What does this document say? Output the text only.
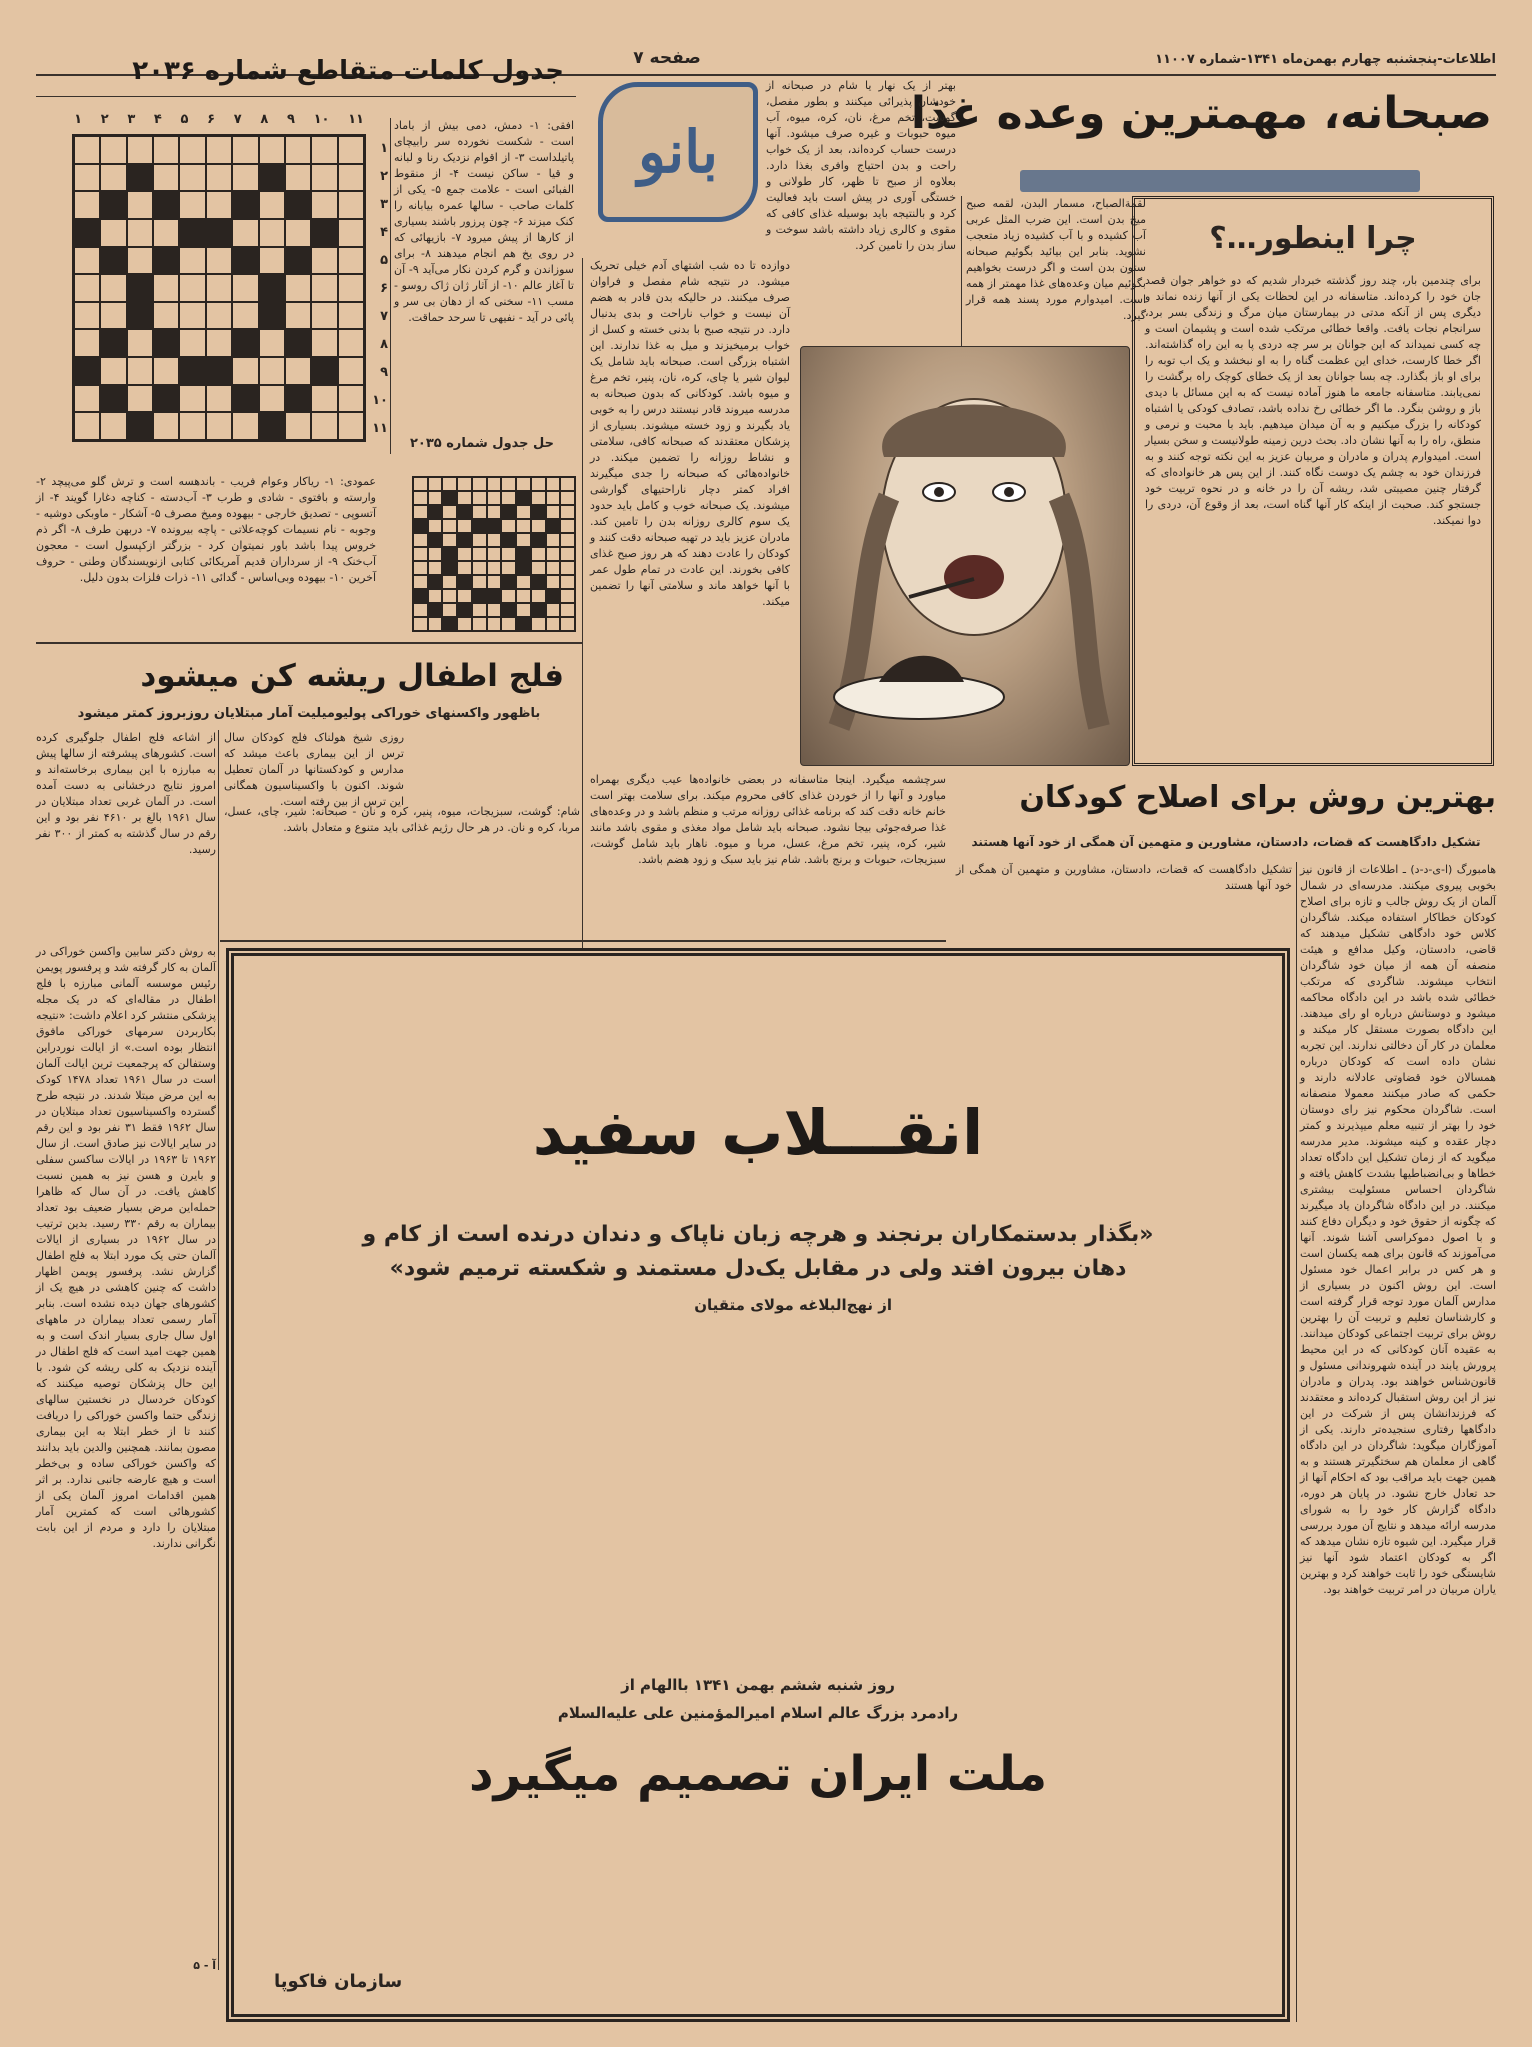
اطلاعات-پنجشنبه چهارم بهمن‌ماه ۱۳۴۱-شماره ۱۱۰۰۷
صبحانه، مهمترین وعده غذا
صفحه ۷
بانو
بهتر از یک نهار یا شام در صبحانه از خودشان پذیرائی میکنند و بطور مفصل، گوشت، تخم مرغ، نان، کره، میوه، آب میوه حبوبات و غیره صرف میشود. آنها درست حساب کرده‌اند، بعد از یک خواب راحت و بدن احتیاج وافری بغذا دارد. بعلاوه از صبح تا ظهر، کار طولانی و خستگی آوری در پیش است باید فعالیت کرد و بالنتیجه باید بوسیله غذای کافی که مقوی و کالری زیاد داشته باشد سوخت و ساز بدن را تامین کرد.
لقمةالصباح، مسمار البدن، لقمه صبح میخ بدن است. این ضرب المثل عربی آب کشیده و با آب کشیده زیاد متعجب نشوید. بنابر این بیائید بگوئیم صبحانه ستون بدن است و اگر درست بخواهیم بگوئیم میان وعده‌های غذا مهمتر از همه است. امیدوارم مورد پسند همه قرار گیرد.
چرا اینطور…؟
برای چندمین بار، چند روز گذشته خبردار شدیم که دو خواهر جوان قصد جان خود را کرده‌اند. متاسفانه در این لحظات یکی از آنها زنده نماند و دیگری پس از آنکه مدتی در بیمارستان میان مرگ و زندگی بسر برد، سرانجام نجات یافت. واقعا خطائی مرتکب شده است و پشیمان است و چه کسی نمیداند که این جوانان بر سر چه دردی پا به این راه گذاشته‌اند. اگر خطا کارست، خدای این عظمت گناه را به او نبخشد و یک اب توبه را برای او باز بگذارد. چه بسا جوانان بعد از یک خطای کوچک راه برگشت را نمی‌یابند. متاسفانه جامعه ما هنوز آماده نیست که به این مسائل با دیدی باز و روشن بنگرد. ما اگر خطائی رخ نداده باشد، تصادف کودکی یا اشتباه کودکانه را بزرگ میکنیم و به آن میدان میدهیم. باید با محبت و نرمی و منطق، راه را به آنها نشان داد. بحث درین زمینه طولانیست و سخن بسیار است. امیدوارم پدران و مادران و مربیان عزیز به این نکته توجه کنند و به فرزندان خود به چشم یک دوست نگاه کنند. از این پس هر خانواده‌ای که گرفتار چنین مصیبتی شد، ریشه آن را در خانه و در نحوه تربیت خود جستجو کند. صحبت از اینکه کار آنها گناه است، بعد از وقوع آن، دردی را دوا نمیکند.
دوازده تا ده شب اشتهای آدم خیلی تحریک میشود. در نتیجه شام مفصل و فراوان صرف میکنند. در حالیکه بدن قادر به هضم آن نیست و خواب ناراحت و بدی بدنبال دارد. در نتیجه صبح با بدنی خسته و کسل از خواب برمیخیزند و میل به غذا ندارند. این اشتباه بزرگی است. صبحانه باید شامل یک لیوان شیر یا چای، کره، نان، پنیر، تخم مرغ و میوه باشد. کودکانی که بدون صبحانه به مدرسه میروند قادر نیستند درس را به خوبی یاد بگیرند و زود خسته میشوند. بسیاری از پزشکان معتقدند که صبحانه کافی، سلامتی و نشاط روزانه را تضمین میکند. در خانواده‌هائی که صبحانه را جدی میگیرند افراد کمتر دچار ناراحتیهای گوارشی میشوند. یک صبحانه خوب و کامل باید حدود یک سوم کالری روزانه بدن را تامین کند. مادران عزیز باید در تهیه صبحانه دقت کنند و کودکان را عادت دهند که هر روز صبح غذای کافی بخورند. این عادت در تمام طول عمر با آنها خواهد ماند و سلامتی آنها را تضمین میکند.
جدول کلمات متقاطع شماره ۲۰۳۶
۱ ۲ ۳ ۴ ۵ ۶ ۷ ۸ ۹ ۱۰ ۱۱
۱
۲
۳
۴
۵
۶
۷
۸
۹
۱۰
۱۱
افقی: ۱- دمش، دمی بیش از باماد است - شکست نخورده سر رابیچای پاتیلداست ۳- از اقوام نزدیک رنا و لبانه و قیا - ساکن نیست ۴- از منقوط الفبائی است - علامت جمع ۵- یکی از کلمات صاحب - سالها عمره بیابانه را کنک میزند ۶- چون پرزور باشند بسیاری از کارها از پیش میرود ۷- بازیهائی که در روی یخ هم انجام میدهند ۸- برای سوزاندن و گرم کردن نکار می‌آید ۹- آن تا آغاز عالم ۱۰- از آثار ژان ژاک روسو - مسب ۱۱- سخنی که از دهان بی سر و پائی در آید - نفیهی تا سرحد حماقت.
عمودی: ۱- ریاکار وعوام فریب - باندهسه است و ترش گلو می‌پیچد ۲- وارسته و بافتوی - شادی و طرب ۳- آب‌دسته - کناچه دغارا گویند ۴- از آتسوپی - تصدیق خارجی - بیهوده ومیخ مصرف ۵- آشکار - ماوبکی دوشیه - وجوبه - نام نسیمات کوچه‌علاتی - پاچه بیرونده ۷- دربهن طرف ۸- اگر ذم خروس پیدا باشد باور نمیتوان کرد - بزرگتر ازکپسول است - معجون آب‌خنک ۹- از سرداران قدیم آمریکائی کتابی ازنویسندگان وطنی - حروف آخرین ۱۰- بیهوده وبی‌اساس - گدائی ۱۱- ذرات فلزات بدون دلیل.
حل جدول شماره ۲۰۳۵
فلج اطفال ریشه کن میشود
باظهور واکسنهای خوراکی پولیومیلیت آمار مبتلایان روزبروز کمتر میشود
از اشاعه فلج اطفال جلوگیری کرده است. کشورهای پیشرفته از سالها پیش به مبارزه با این بیماری برخاسته‌اند و امروز نتایج درخشانی به دست آمده است. در آلمان غربی تعداد مبتلایان در سال ۱۹۶۱ بالغ بر ۴۶۱۰ نفر بود و این رقم در سال گذشته به کمتر از ۳۰۰ نفر رسید.
روزی شیخ هولناک فلج کودکان سال ترس از این بیماری باعث میشد که مدارس و کودکستانها در آلمان تعطیل شوند. اکنون با واکسیناسیون همگانی این ترس از بین رفته است.
به روش دکتر سابین واکسن خوراکی در آلمان به کار گرفته شد و پرفسور پویمن رئیس موسسه آلمانی مبارزه با فلج اطفال در مقاله‌ای که در یک مجله پزشکی منتشر کرد اعلام داشت: «نتیجه بکاربردن سرمهای خوراکی مافوق انتظار بوده است.» از ایالت نوردراین وستفالن که پرجمعیت ترین ایالت آلمان است در سال ۱۹۶۱ تعداد ۱۴۷۸ کودک به این مرض مبتلا شدند. در نتیجه طرح گسترده واکسیناسیون تعداد مبتلایان در سال ۱۹۶۲ فقط ۳۱ نفر بود و این رقم در سایر ایالات نیز صادق است. از سال ۱۹۶۲ تا ۱۹۶۳ در ایالات ساکسن سفلی و بایرن و هسن نیز به همین نسبت کاهش یافت. در آن سال که ظاهرا حمله‌این مرض بسیار ضعیف بود تعداد بیماران به رقم ۳۳۰ رسید. بدین ترتیب در سال ۱۹۶۲ در بسیاری از ایالات آلمان حتی یک مورد ابتلا به فلج اطفال گزارش نشد. پرفسور پویمن اظهار داشت که چنین کاهشی در هیچ یک از کشورهای جهان دیده نشده است. بنابر آمار رسمی تعداد بیماران در ماههای اول سال جاری بسیار اندک است و به همین جهت امید است که فلج اطفال در آینده نزدیک به کلی ریشه کن شود. با این حال پزشکان توصیه میکنند که کودکان خردسال در نخستین سالهای زندگی حتما واکسن خوراکی را دریافت کنند تا از خطر ابتلا به این بیماری مصون بمانند. همچنین والدین باید بدانند که واکسن خوراکی ساده و بی‌خطر است و هیچ عارضه جانبی ندارد. بر اثر همین اقدامات امروز آلمان یکی از کشورهائی است که کمترین آمار مبتلایان را دارد و مردم از این بابت نگرانی ندارند.
آ - ۵
سرچشمه میگیرد. اینجا متاسفانه در بعضی خانواده‌ها عیب دیگری بهمراه میاورد و آنها را از خوردن غذای کافی محروم میکند. برای سلامت بهتر است خانم خانه دقت کند که برنامه غذائی روزانه مرتب و منظم باشد و در وعده‌های غذا صرفه‌جوئی بیجا نشود. صبحانه باید شامل مواد مغذی و مقوی باشد مانند شیر، کره، پنیر، تخم مرغ، عسل، مربا و میوه. ناهار باید شامل گوشت، سبزیجات، حبوبات و برنج باشد. شام نیز باید سبک و زود هضم باشد.
شام: گوشت، سبزیجات، میوه، پنیر، کره و نان - صبحانه: شیر، چای، عسل، مربا، کره و نان. در هر حال رژیم غذائی باید متنوع و متعادل باشد.
بهترین روش برای اصلاح کودکان
تشکیل دادگاهست که قضات، دادستان، مشاورین و متهمین آن همگی از خود آنها هستند
هامبورگ (ا-ی-د-د) ـ اطلاعات از قانون نیز بخوبی پیروی میکنند. مدرسه‌ای در شمال آلمان از یک روش جالب و تازه برای اصلاح کودکان خطاکار استفاده میکند. شاگردان کلاس خود دادگاهی تشکیل میدهند که قاضی، دادستان، وکیل مدافع و هیئت منصفه آن همه از میان خود شاگردان انتخاب میشوند. شاگردی که مرتکب خطائی شده باشد در این دادگاه محاکمه میشود و دوستانش درباره او رای میدهند. این دادگاه بصورت مستقل کار میکند و معلمان در کار آن دخالتی ندارند. این تجربه نشان داده است که کودکان درباره همسالان خود قضاوتی عادلانه دارند و حکمی که صادر میکنند معمولا منصفانه است. شاگردان محکوم نیز رای دوستان خود را بهتر از تنبیه معلم میپذیرند و کمتر دچار عقده و کینه میشوند. مدیر مدرسه میگوید که از زمان تشکیل این دادگاه تعداد خطاها و بی‌انضباطیها بشدت کاهش یافته و شاگردان احساس مسئولیت بیشتری میکنند. در این دادگاه شاگردان یاد میگیرند که چگونه از حقوق خود و دیگران دفاع کنند و با اصول دموکراسی آشنا شوند. آنها می‌آموزند که قانون برای همه یکسان است و هر کس در برابر اعمال خود مسئول است. این روش اکنون در بسیاری از مدارس آلمان مورد توجه قرار گرفته است و کارشناسان تعلیم و تربیت آن را بهترین روش برای تربیت اجتماعی کودکان میدانند. به عقیده آنان کودکانی که در این محیط پرورش یابند در آینده شهروندانی مسئول و قانون‌شناس خواهند بود. پدران و مادران نیز از این روش استقبال کرده‌اند و معتقدند که فرزندانشان پس از شرکت در این دادگاهها رفتاری سنجیده‌تر دارند. یکی از آموزگاران میگوید: شاگردان در این دادگاه گاهی از معلمان هم سختگیرتر هستند و به همین جهت باید مراقب بود که احکام آنها از حد تعادل خارج نشود. در پایان هر دوره، دادگاه گزارش کار خود را به شورای مدرسه ارائه میدهد و نتایج آن مورد بررسی قرار میگیرد. این شیوه تازه نشان میدهد که اگر به کودکان اعتماد شود آنها نیز شایستگی خود را ثابت خواهند کرد و بهترین یاران مربیان در امر تربیت خواهند بود.
تشکیل دادگاهست که قضات، دادستان، مشاورین و متهمین آن همگی از خود آنها هستند
انقـــلاب سفید
«بگذار بدستمکاران برنجند و هرچه زبان ناپاک و دندان درنده است از کام و دهان بیرون افتد ولی در مقابل یک‌دل مستمند و شکسته ترمیم شود»
از نهج‌البلاغه مولای متقیان
روز شنبه ششم بهمن ۱۳۴۱ باالهام از
رادمرد بزرگ عالم اسلام امیرالمؤمنین علی علیه‌السلام
ملت ایران تصمیم میگیرد
سازمان فاکوپا
